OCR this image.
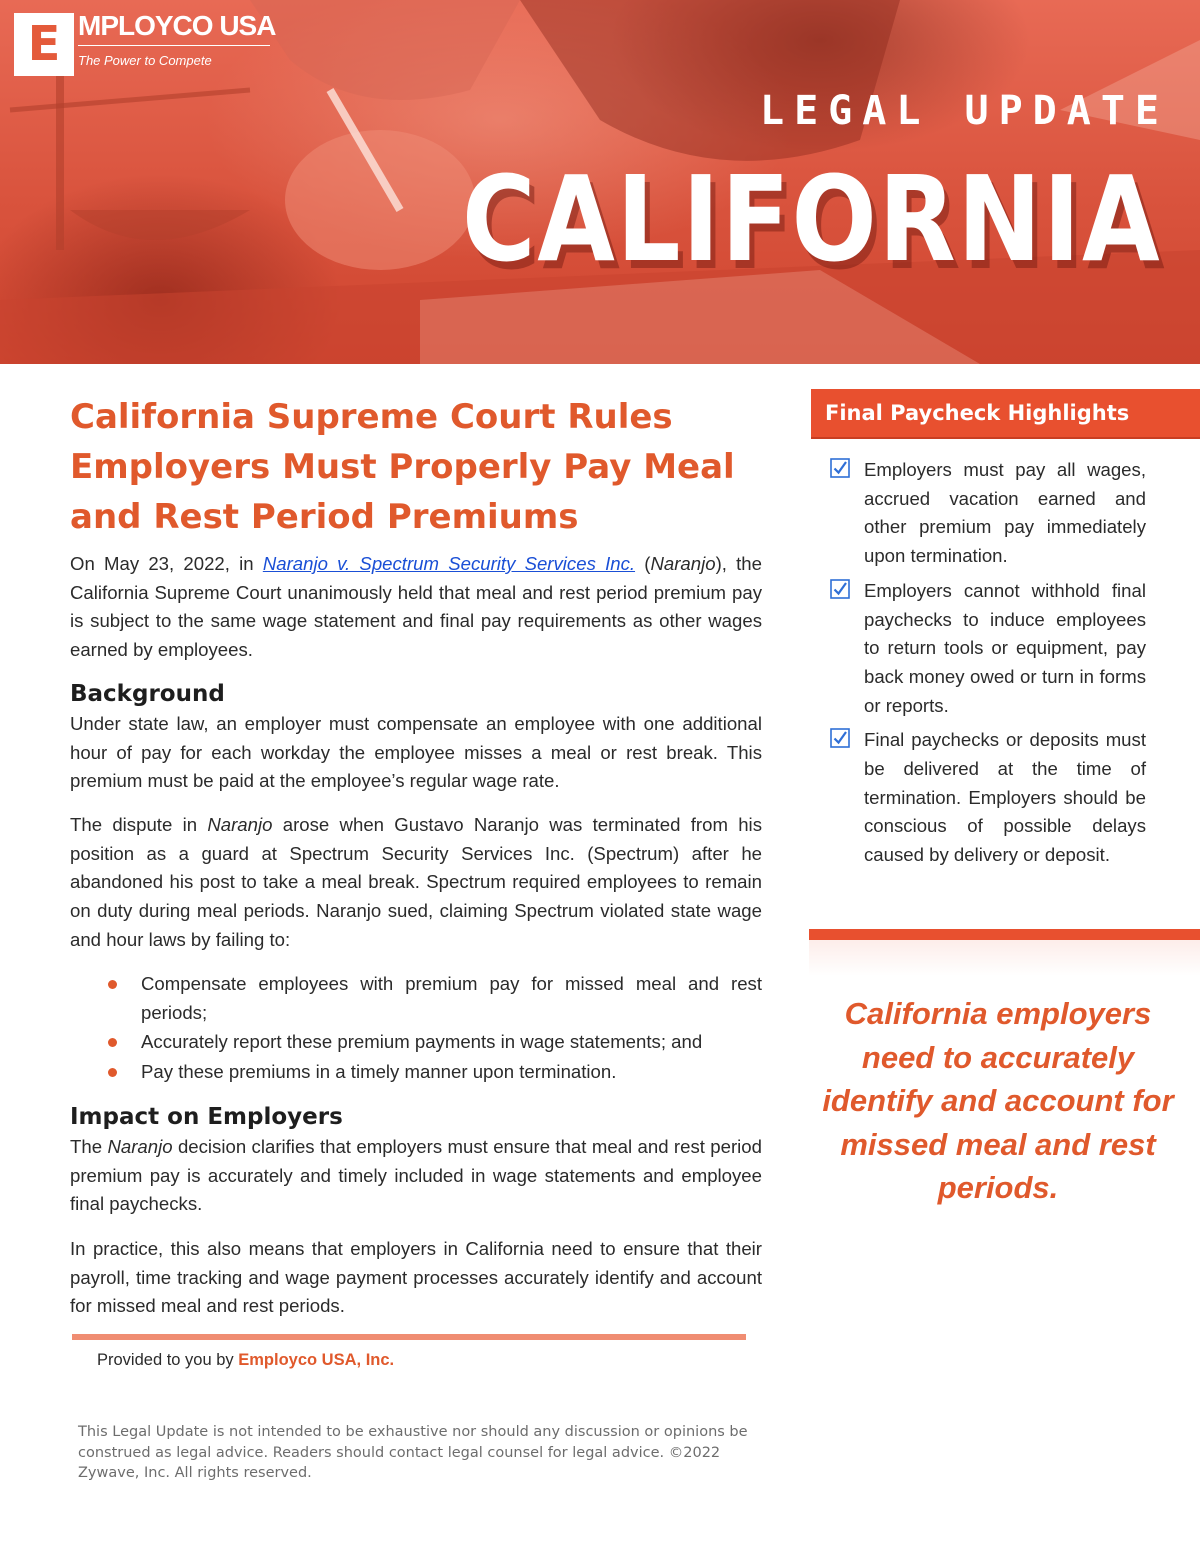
E MPLOYCO USA
The Power to Compete
LEGAL UPDATE
CALIFORNIA
California Supreme Court Rules Employers Must Properly Pay Meal and Rest Period Premiums

On May 23, 2022, in Naranjo v. Spectrum Security Services Inc. (Naranjo), the California Supreme Court unanimously held that meal and rest period premium pay is subject to the same wage statement and final pay requirements as other wages earned by employees.

Background

Under state law, an employer must compensate an employee with one additional hour of pay for each workday the employee misses a meal or rest break. This premium must be paid at the employee’s regular wage rate.

The dispute in Naranjo arose when Gustavo Naranjo was terminated from his position as a guard at Spectrum Security Services Inc. (Spectrum) after he abandoned his post to take a meal break. Spectrum required employees to remain on duty during meal periods. Naranjo sued, claiming Spectrum violated state wage and hour laws by failing to:

Compensate employees with premium pay for missed meal and rest periods;
Accurately report these premium payments in wage statements; and
Pay these premiums in a timely manner upon termination.
Impact on Employers

The Naranjo decision clarifies that employers must ensure that meal and rest period premium pay is accurately and timely included in wage statements and employee final paychecks.

In practice, this also means that employers in California need to ensure that their payroll, time tracking and wage payment processes accurately identify and account for missed meal and rest periods.

Provided to you by Employco USA, Inc.

This Legal Update is not intended to be exhaustive nor should any discussion or opinions be construed as legal advice. Readers should contact legal counsel for legal advice. ©2022 Zywave, Inc. All rights reserved.

Final Paycheck Highlights
Employers must pay all wages, accrued vacation earned and other premium pay immediately upon termination.
Employers cannot withhold final paychecks to induce employees to return tools or equipment, pay back money owed or turn in forms or reports.
Final paychecks or deposits must be delivered at the time of termination. Employers should be conscious of possible delays caused by delivery or deposit.

California employers need to accurately identify and account for missed meal and rest periods.
